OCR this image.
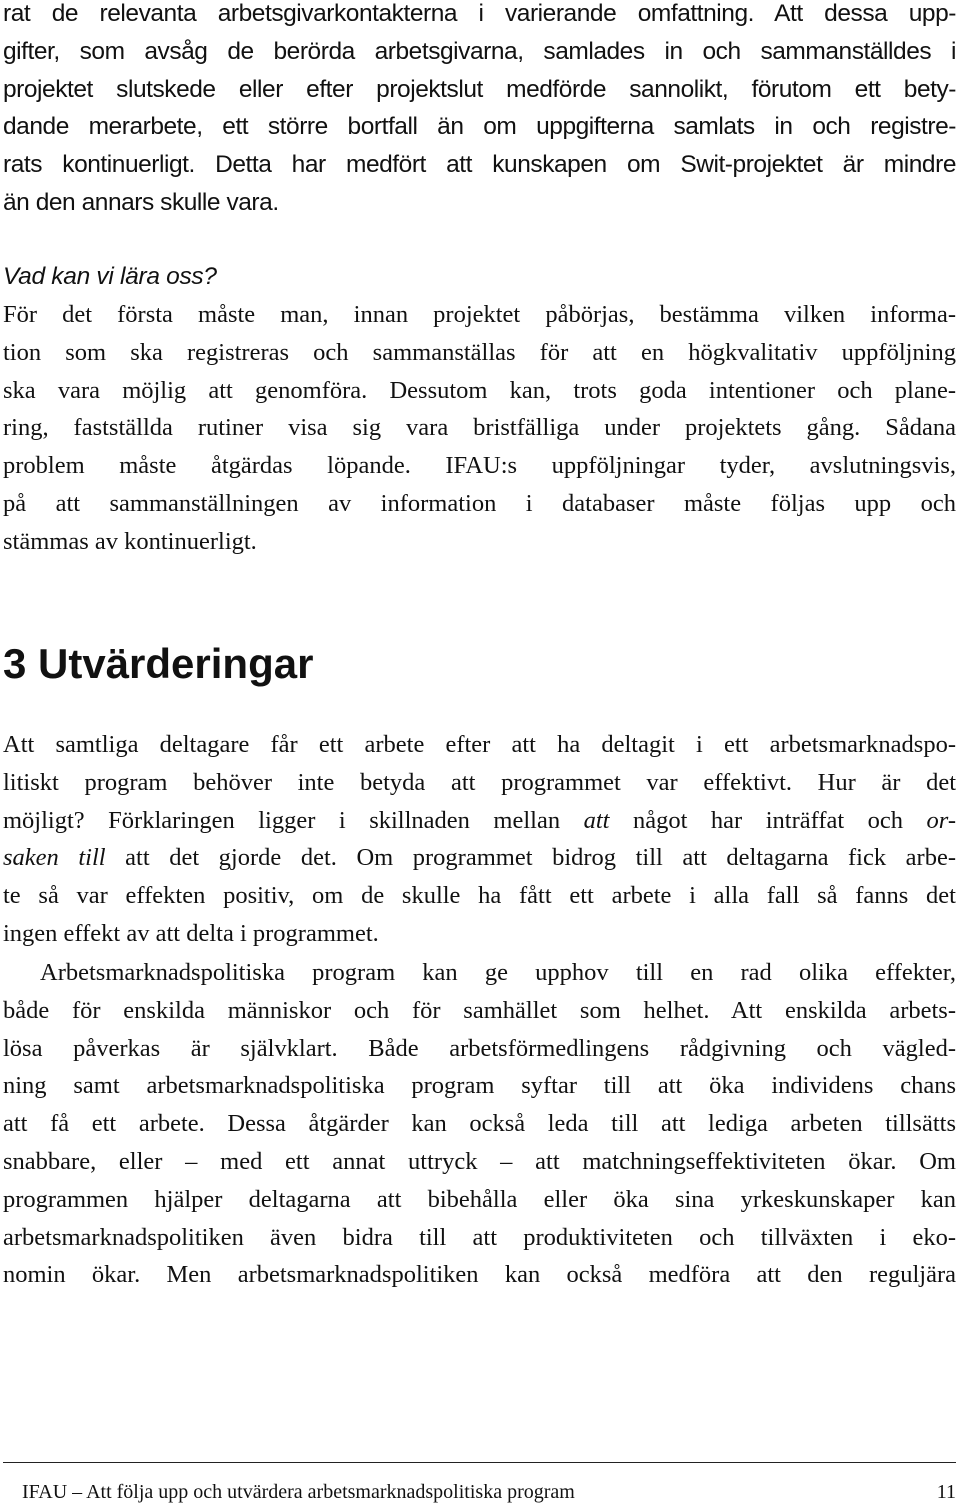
rat de relevanta arbetsgivarkontakterna i varierande omfattning. Att dessa upp-
gifter, som avsåg de berörda arbetsgivarna, samlades in och sammanställdes i
projektet slutskede eller efter projektslut medförde sannolikt, förutom ett bety-
dande merarbete, ett större bortfall än om uppgifterna samlats in och registre-
rats kontinuerligt. Detta har medfört att kunskapen om Swit-projektet är mindre
än den annars skulle vara.
Vad kan vi lära oss?
För det första måste man, innan projektet påbörjas, bestämma vilken informa-
tion som ska registreras och sammanställas för att en högkvalitativ uppföljning
ska vara möjlig att genomföra. Dessutom kan, trots goda intentioner och plane-
ring, fastställda rutiner visa sig vara bristfälliga under projektets gång. Sådana
problem måste åtgärdas löpande. IFAU:s uppföljningar tyder, avslutningsvis,
på att sammanställningen av information i databaser måste följas upp och
stämmas av kontinuerligt.
3 Utvärderingar
Att samtliga deltagare får ett arbete efter att ha deltagit i ett arbetsmarknadspo-
litiskt program behöver inte betyda att programmet var effektivt. Hur är det
möjligt? Förklaringen ligger i skillnaden mellan att något har inträffat och or-
saken till att det gjorde det. Om programmet bidrog till att deltagarna fick arbe-
te så var effekten positiv, om de skulle ha fått ett arbete i alla fall så fanns det
ingen effekt av att delta i programmet.
Arbetsmarknadspolitiska program kan ge upphov till en rad olika effekter,
både för enskilda människor och för samhället som helhet. Att enskilda arbets-
lösa påverkas är självklart. Både arbetsförmedlingens rådgivning och vägled-
ning samt arbetsmarknadspolitiska program syftar till att öka individens chans
att få ett arbete. Dessa åtgärder kan också leda till att lediga arbeten tillsätts
snabbare, eller – med ett annat uttryck – att matchningseffektiviteten ökar. Om
programmen hjälper deltagarna att bibehålla eller öka sina yrkeskunskaper kan
arbetsmarknadspolitiken även bidra till att produktiviteten och tillväxten i eko-
nomin ökar. Men arbetsmarknadspolitiken kan också medföra att den reguljära
IFAU – Att följa upp och utvärdera arbetsmarknadspolitiska program	11
